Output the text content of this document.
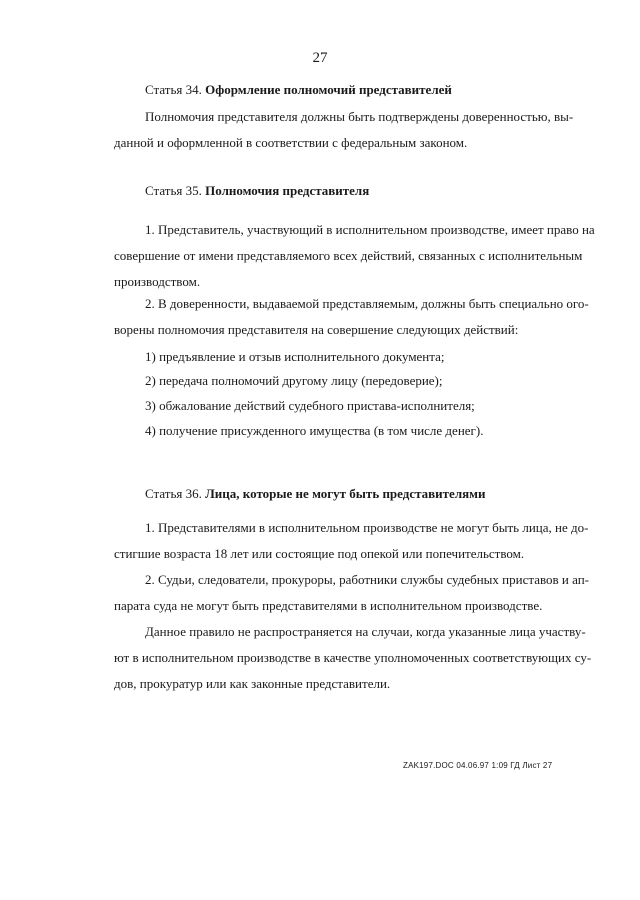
27
Статья 34. Оформление полномочий представителей
Полномочия представителя должны быть подтверждены доверенностью, вы-
данной и оформленной в соответствии с федеральным законом.
Статья 35. Полномочия представителя
1. Представитель, участвующий в исполнительном производстве, имеет право на
совершение от имени представляемого всех действий, связанных с исполнительным
производством.
2. В доверенности, выдаваемой представляемым, должны быть специально ого-
ворены полномочия представителя на совершение следующих действий:
1) предъявление и отзыв исполнительного документа;
2) передача полномочий другому лицу (передоверие);
3) обжалование действий судебного пристава-исполнителя;
4) получение присужденного имущества (в том числе денег).
Статья 36. Лица, которые не могут быть представителями
1. Представителями в исполнительном производстве не могут быть лица, не до-
стигшие возраста 18 лет или состоящие под опекой или попечительством.
2. Судьи, следователи, прокуроры, работники службы судебных приставов и ап-
парата суда не могут быть представителями в исполнительном производстве.
Данное правило не распространяется на случаи, когда указанные лица участву-
ют в исполнительном производстве в качестве уполномоченных соответствующих су-
дов, прокуратур или как законные представители.
ZAK197.DOC 04.06.97 1:09 ГД Лист 27
